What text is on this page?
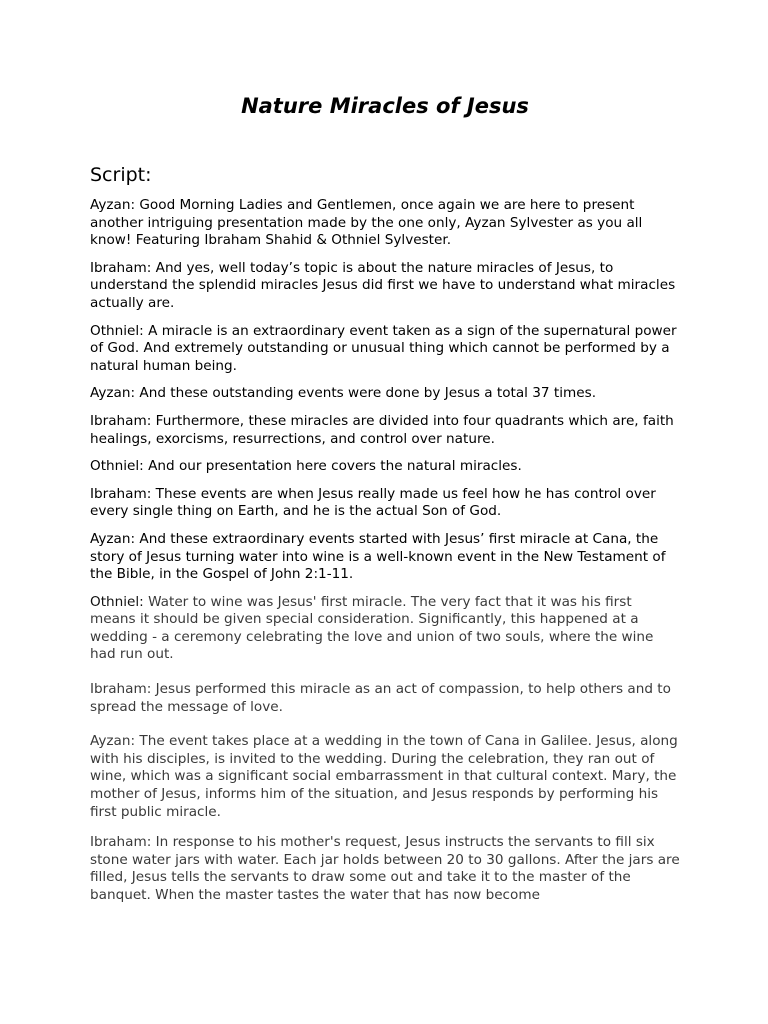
Nature Miracles of Jesus
Script:

Ayzan: Good Morning Ladies and Gentlemen, once again we are here to present another intriguing presentation made by the one only, Ayzan Sylvester as you all know! Featuring Ibraham Shahid & Othniel Sylvester.

Ibraham: And yes, well today’s topic is about the nature miracles of Jesus, to understand the splendid miracles Jesus did first we have to understand what miracles actually are.

Othniel: A miracle is an extraordinary event taken as a sign of the supernatural power of God. And extremely outstanding or unusual thing which cannot be performed by a natural human being.

Ayzan: And these outstanding events were done by Jesus a total 37 times.

Ibraham: Furthermore, these miracles are divided into four quadrants which are, faith healings, exorcisms, resurrections, and control over nature.

Othniel: And our presentation here covers the natural miracles.

Ibraham: These events are when Jesus really made us feel how he has control over every single thing on Earth, and he is the actual Son of God.

Ayzan: And these extraordinary events started with Jesus’ first miracle at Cana, the story of Jesus turning water into wine is a well-known event in the New Testament of the Bible, in the Gospel of John 2:1-11.

Othniel: Water to wine was Jesus' first miracle. The very fact that it was his first means it should be given special consideration. Significantly, this happened at a wedding - a ceremony celebrating the love and union of two souls, where the wine had run out.

Ibraham: Jesus performed this miracle as an act of compassion, to help others and to spread the message of love.

Ayzan: The event takes place at a wedding in the town of Cana in Galilee. Jesus, along with his disciples, is invited to the wedding. During the celebration, they ran out of wine, which was a significant social embarrassment in that cultural context. Mary, the mother of Jesus, informs him of the situation, and Jesus responds by performing his first public miracle.

Ibraham: In response to his mother's request, Jesus instructs the servants to fill six stone water jars with water. Each jar holds between 20 to 30 gallons. After the jars are filled, Jesus tells the servants to draw some out and take it to the master of the banquet. When the master tastes the water that has now become
